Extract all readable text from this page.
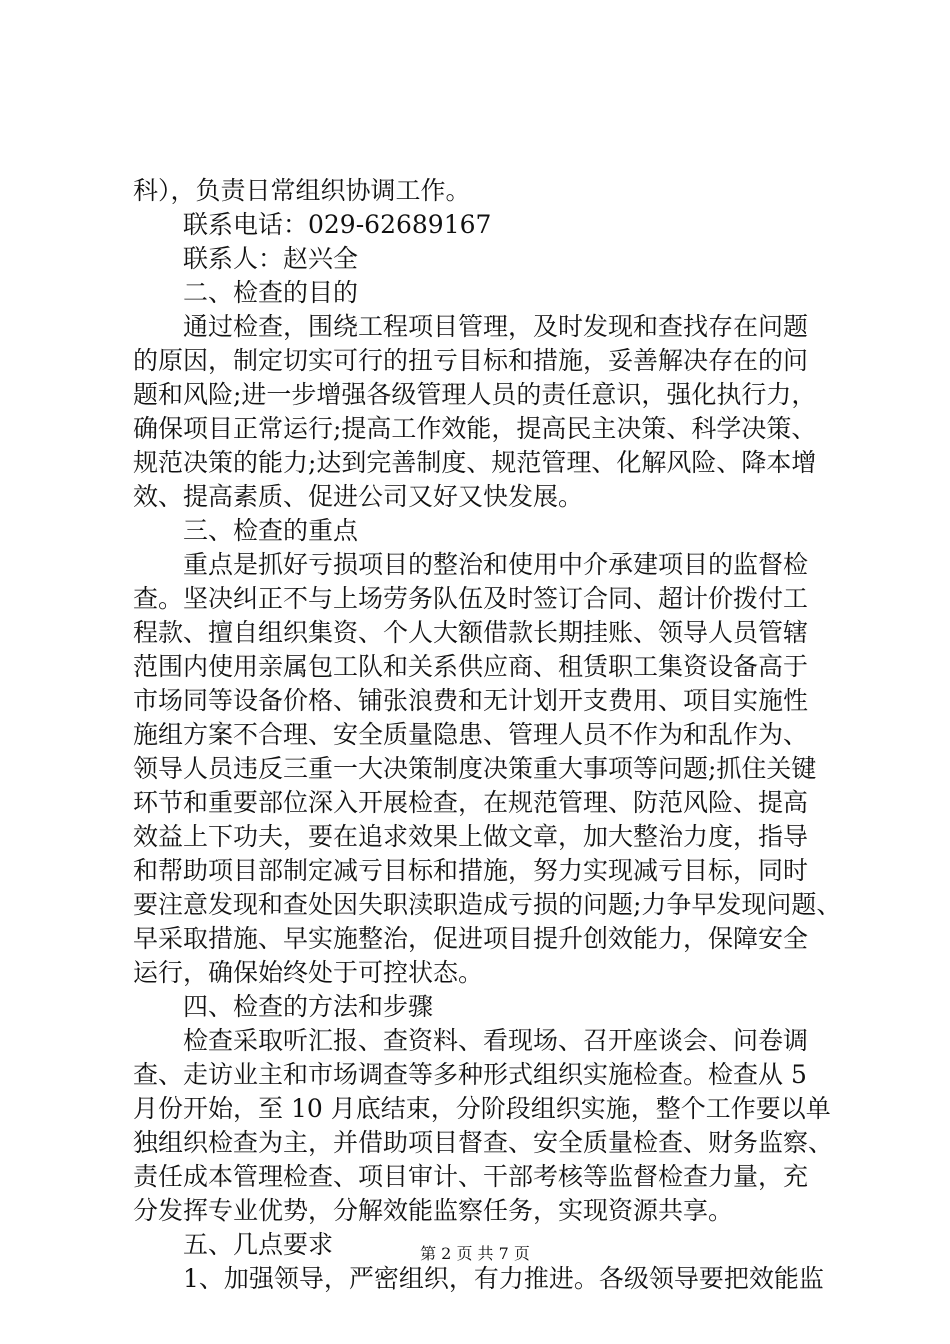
科），负责日常组织协调工作。

联系电话：029-62689167

联系人：赵兴全

二、检查的目的

通过检查，围绕工程项目管理，及时发现和查找存在问题
的原因，制定切实可行的扭亏目标和措施，妥善解决存在的问
题和风险;进一步增强各级管理人员的责任意识，强化执行力，
确保项目正常运行;提高工作效能，提高民主决策、科学决策、
规范决策的能力;达到完善制度、规范管理、化解风险、降本增
效、提高素质、促进公司又好又快发展。

三、检查的重点

重点是抓好亏损项目的整治和使用中介承建项目的监督检
查。坚决纠正不与上场劳务队伍及时签订合同、超计价拨付工
程款、擅自组织集资、个人大额借款长期挂账、领导人员管辖
范围内使用亲属包工队和关系供应商、租赁职工集资设备高于
市场同等设备价格、铺张浪费和无计划开支费用、项目实施性
施组方案不合理、安全质量隐患、管理人员不作为和乱作为、
领导人员违反三重一大决策制度决策重大事项等问题;抓住关键
环节和重要部位深入开展检查，在规范管理、防范风险、提高
效益上下功夫，要在追求效果上做文章，加大整治力度，指导
和帮助项目部制定减亏目标和措施，努力实现减亏目标，同时
要注意发现和查处因失职渎职造成亏损的问题;力争早发现问题、
早采取措施、早实施整治，促进项目提升创效能力，保障安全
运行，确保始终处于可控状态。

四、检查的方法和步骤

检查采取听汇报、查资料、看现场、召开座谈会、问卷调
查、走访业主和市场调查等多种形式组织实施检查。检查从 5
月份开始，至 10 月底结束，分阶段组织实施，整个工作要以单
独组织检查为主，并借助项目督查、安全质量检查、财务监察、
责任成本管理检查、项目审计、干部考核等监督检查力量，充
分发挥专业优势，分解效能监察任务，实现资源共享。

五、几点要求

1、加强领导，严密组织，有力推进。各级领导要把效能监

第 2 页 共 7 页
